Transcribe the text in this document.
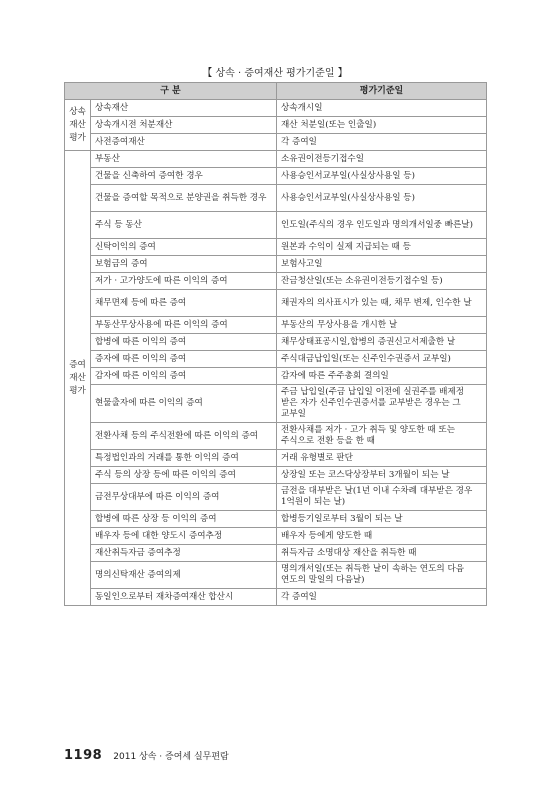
【 상속 · 증여재산 평가기준일 】
구 분		평가기준일

상속
재산
평가	상속재산	상속개시일
	상속개시전 처분재산	재산 처분일(또는 인출일)
	사전증여재산	각 증여일

증여
재산
평가	부동산	소유권이전등기접수일
	건물을 신축하여 증여한 경우	사용승인서교부일(사실상사용일 등)
	건물을 증여할 목적으로 분양권을 취득한 경우	사용승인서교부일(사실상사용일 등)
	주식 등 동산	인도일(주식의 경우 인도일과 명의개서일중 빠른날)
	신탁이익의 증여	원본과 수익이 실제 지급되는 때 등
	보험금의 증여	보험사고일
	저가 · 고가양도에 따른 이익의 증여	잔금청산일(또는 소유권이전등기접수일 등)
	채무면제 등에 따른 증여	채권자의 의사표시가 있는 때, 채무 변제, 인수한 날
	부동산무상사용에 따른 이익의 증여	부동산의 무상사용을 개시한 날
	합병에 따른 이익의 증여	채무상태표공시일,합병의 증권신고서제출한 날
	증자에 따른 이익의 증여	주식대금납입일(또는 신주인수권증서 교부일)
	감자에 따른 이익의 증여	감자에 따른 주주총회 결의일
	현물출자에 따른 이익의 증여	주금 납입일(주금 납입일 이전에 실권주를 배제정 받은 자가 신주인수권증서를 교부받은 경우는 그 교부일
	전환사채 등의 주식전환에 따른 이익의 증여	전환사채를 저가 · 고가 취득 및 양도한 때 또는 주식으로 전환 등을 한 때
	특정법인과의 거래를 통한 이익의 증여	거래 유형별로 판단
	주식 등의 상장 등에 따른 이익의 증여	상장일 또는 코스닥상장부터 3개월이 되는 날
	금전무상대부에 따른 이익의 증여	금전을 대부받은 날(1년 이내 수차례 대부받은 경우 1억원이 되는 날)
	합병에 따른 상장 등 이익의 증여	합병등기일로부터 3월이 되는 날
	배우자 등에 대한 양도시 증여추정	배우자 등에게 양도한 때
	재산취득자금 증여추정	취득자금 소명대상 재산을 취득한 때
	명의신탁재산 증여의제	명의개서일(또는 취득한 날이 속하는 연도의 다음 연도의 말일의 다음날)
	동일인으로부터 재차증여재산 합산시	각 증여일
1198 2011 상속 · 증여세 실무편람
